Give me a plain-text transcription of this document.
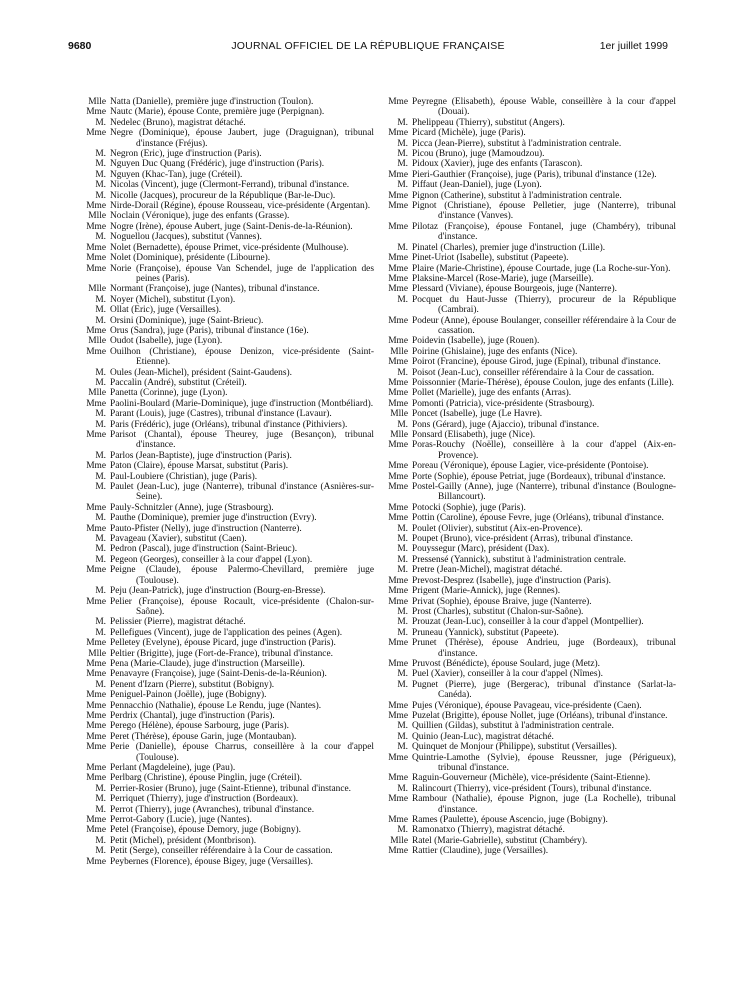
9680	JOURNAL OFFICIEL DE LA RÉPUBLIQUE FRANÇAISE	1er juillet 1999

Mlle Natta (Danielle), première juge d'instruction (Toulon).

Mme Nautc (Marie), épouse Conte, première juge (Perpignan).

M. Nedelec (Bruno), magistrat détaché.

Mme Negre (Dominique), épouse Jaubert, juge (Draguignan), tribunal d'instance (Fréjus).

M. Negron (Eric), juge d'instruction (Paris).

M. Nguyen Duc Quang (Frédéric), juge d'instruction (Paris).

M. Nguyen (Khac-Tan), juge (Créteil).

M. Nicolas (Vincent), juge (Clermont-Ferrand), tribunal d'instance.

M. Nicolle (Jacques), procureur de la République (Bar-le-Duc).

Mme Nirde-Dorail (Régine), épouse Rousseau, vice-présidente (Argentan).

Mlle Noclain (Véronique), juge des enfants (Grasse).

Mme Nogre (Irène), épouse Aubert, juge (Saint-Denis-de-la-Réunion).

M. Noguellou (Jacques), substitut (Vannes).

Mme Nolet (Bernadette), épouse Primet, vice-présidente (Mulhouse).

Mme Nolet (Dominique), présidente (Libourne).

Mme Norie (Françoise), épouse Van Schendel, juge de l'application des peines (Paris).

Mlle Normant (Françoise), juge (Nantes), tribunal d'instance.

M. Noyer (Michel), substitut (Lyon).

M. Ollat (Eric), juge (Versailles).

M. Orsini (Dominique), juge (Saint-Brieuc).

Mme Orus (Sandra), juge (Paris), tribunal d'instance (16e).

Mlle Oudot (Isabelle), juge (Lyon).

Mme Ouilhon (Christiane), épouse Denizon, vice-présidente (Saint-Etienne).

M. Oules (Jean-Michel), président (Saint-Gaudens).

M. Paccalin (André), substitut (Créteil).

Mlle Panetta (Corinne), juge (Lyon).

Mme Paolini-Boulard (Marie-Dominique), juge d'instruction (Montbéliard).

M. Parant (Louis), juge (Castres), tribunal d'instance (Lavaur).

M. Paris (Frédéric), juge (Orléans), tribunal d'instance (Pithiviers).

Mme Parisot (Chantal), épouse Theurey, juge (Besançon), tribunal d'instance.

M. Parlos (Jean-Baptiste), juge d'instruction (Paris).

Mme Paton (Claire), épouse Marsat, substitut (Paris).

M. Paul-Loubiere (Christian), juge (Paris).

M. Paulet (Jean-Luc), juge (Nanterre), tribunal d'instance (Asnières-sur-Seine).

Mme Pauly-Schnitzler (Anne), juge (Strasbourg).

M. Pauthe (Dominique), premier juge d'instruction (Evry).

Mme Pauto-Pfister (Nelly), juge d'instruction (Nanterre).

M. Pavageau (Xavier), substitut (Caen).

M. Pedron (Pascal), juge d'instruction (Saint-Brieuc).

M. Pegeon (Georges), conseiller à la cour d'appel (Lyon).

Mme Peigne (Claude), épouse Palermo-Chevillard, première juge (Toulouse).

M. Peju (Jean-Patrick), juge d'instruction (Bourg-en-Bresse).

Mme Pelier (Françoise), épouse Rocault, vice-présidente (Chalon-sur-Saône).

M. Pelissier (Pierre), magistrat détaché.

M. Pellefigues (Vincent), juge de l'application des peines (Agen).

Mme Pelletey (Evelyne), épouse Picard, juge d'instruction (Paris).

Mlle Peltier (Brigitte), juge (Fort-de-France), tribunal d'instance.

Mme Pena (Marie-Claude), juge d'instruction (Marseille).

Mme Penavayre (Françoise), juge (Saint-Denis-de-la-Réunion).

M. Penent d'Izarn (Pierre), substitut (Bobigny).

Mme Peniguel-Painon (Joëlle), juge (Bobigny).

Mme Pennacchio (Nathalie), épouse Le Rendu, juge (Nantes).

Mme Perdrix (Chantal), juge d'instruction (Paris).

Mme Perego (Hélène), épouse Sarbourg, juge (Paris).

Mme Peret (Thérèse), épouse Garin, juge (Montauban).

Mme Perie (Danielle), épouse Charrus, conseillère à la cour d'appel (Toulouse).

Mme Perlant (Magdeleine), juge (Pau).

Mme Perlbarg (Christine), épouse Pinglin, juge (Créteil).

M. Perrier-Rosier (Bruno), juge (Saint-Etienne), tribunal d'instance.

M. Perriquet (Thierry), juge d'instruction (Bordeaux).

M. Perrot (Thierry), juge (Avranches), tribunal d'instance.

Mme Perrot-Gabory (Lucie), juge (Nantes).

Mme Petel (Françoise), épouse Demory, juge (Bobigny).

M. Petit (Michel), président (Montbrison).

M. Petit (Serge), conseiller référendaire à la Cour de cassation.

Mme Peybernes (Florence), épouse Bigey, juge (Versailles).

Mme Peyregne (Elisabeth), épouse Wable, conseillère à la cour d'appel (Douai).

M. Phelippeau (Thierry), substitut (Angers).

Mme Picard (Michèle), juge (Paris).

M. Picca (Jean-Pierre), substitut à l'administration centrale.

M. Picou (Bruno), juge (Mamoudzou).

M. Pidoux (Xavier), juge des enfants (Tarascon).

Mme Pieri-Gauthier (Françoise), juge (Paris), tribunal d'instance (12e).

M. Piffaut (Jean-Daniel), juge (Lyon).

Mme Pignon (Catherine), substitut à l'administration centrale.

Mme Pignot (Christiane), épouse Pelletier, juge (Nanterre), tribunal d'instance (Vanves).

Mme Pilotaz (Françoise), épouse Fontanel, juge (Chambéry), tribunal d'instance.

M. Pinatel (Charles), premier juge d'instruction (Lille).

Mme Pinet-Uriot (Isabelle), substitut (Papeete).

Mme Plaire (Marie-Christine), épouse Courtade, juge (La Roche-sur-Yon).

Mme Plaksine-Marcel (Rose-Marie), juge (Marseille).

Mme Plessard (Viviane), épouse Bourgeois, juge (Nanterre).

M. Pocquet du Haut-Jusse (Thierry), procureur de la République (Cambrai).

Mme Podeur (Anne), épouse Boulanger, conseiller référendaire à la Cour de cassation.

Mme Poidevin (Isabelle), juge (Rouen).

Mlle Poirine (Ghislaine), juge des enfants (Nice).

Mme Poirot (Francine), épouse Girod, juge (Epinal), tribunal d'instance.

M. Poisot (Jean-Luc), conseiller référendaire à la Cour de cassation.

Mme Poissonnier (Marie-Thérèse), épouse Coulon, juge des enfants (Lille).

Mme Pollet (Marielle), juge des enfants (Arras).

Mme Pomonti (Patricia), vice-présidente (Strasbourg).

Mlle Poncet (Isabelle), juge (Le Havre).

M. Pons (Gérard), juge (Ajaccio), tribunal d'instance.

Mlle Ponsard (Elisabeth), juge (Nice).

Mme Poras-Rouchy (Noëlle), conseillère à la cour d'appel (Aix-en-Provence).

Mme Poreau (Véronique), épouse Lagier, vice-présidente (Pontoise).

Mme Porte (Sophie), épouse Petriat, juge (Bordeaux), tribunal d'instance.

Mme Postel-Gailly (Anne), juge (Nanterre), tribunal d'instance (Boulogne-Billancourt).

Mme Potocki (Sophie), juge (Paris).

Mme Pottin (Caroline), épouse Fevre, juge (Orléans), tribunal d'instance.

M. Poulet (Olivier), substitut (Aix-en-Provence).

M. Poupet (Bruno), vice-président (Arras), tribunal d'instance.

M. Pouyssegur (Marc), président (Dax).

M. Pressensé (Yannick), substitut à l'administration centrale.

M. Pretre (Jean-Michel), magistrat détaché.

Mme Prevost-Desprez (Isabelle), juge d'instruction (Paris).

Mme Prigent (Marie-Annick), juge (Rennes).

Mme Privat (Sophie), épouse Braive, juge (Nanterre).

M. Prost (Charles), substitut (Chalon-sur-Saône).

M. Prouzat (Jean-Luc), conseiller à la cour d'appel (Montpellier).

M. Pruneau (Yannick), substitut (Papeete).

Mme Prunet (Thérèse), épouse Andrieu, juge (Bordeaux), tribunal d'instance.

Mme Pruvost (Bénédicte), épouse Soulard, juge (Metz).

M. Puel (Xavier), conseiller à la cour d'appel (Nîmes).

M. Pugnet (Pierre), juge (Bergerac), tribunal d'instance (Sarlat-la-Canéda).

Mme Pujes (Véronique), épouse Pavageau, vice-présidente (Caen).

Mme Puzelat (Brigitte), épouse Nollet, juge (Orléans), tribunal d'instance.

M. Quillien (Gildas), substitut à l'administration centrale.

M. Quinio (Jean-Luc), magistrat détaché.

M. Quinquet de Monjour (Philippe), substitut (Versailles).

Mme Quintrie-Lamothe (Sylvie), épouse Reussner, juge (Périgueux), tribunal d'instance.

Mme Raguin-Gouverneur (Michèle), vice-présidente (Saint-Etienne).

M. Ralincourt (Thierry), vice-président (Tours), tribunal d'instance.

Mme Rambour (Nathalie), épouse Pignon, juge (La Rochelle), tribunal d'instance.

Mme Rames (Paulette), épouse Ascencio, juge (Bobigny).

M. Ramonatxo (Thierry), magistrat détaché.

Mlle Ratel (Marie-Gabrielle), substitut (Chambéry).

Mme Rattier (Claudine), juge (Versailles).
